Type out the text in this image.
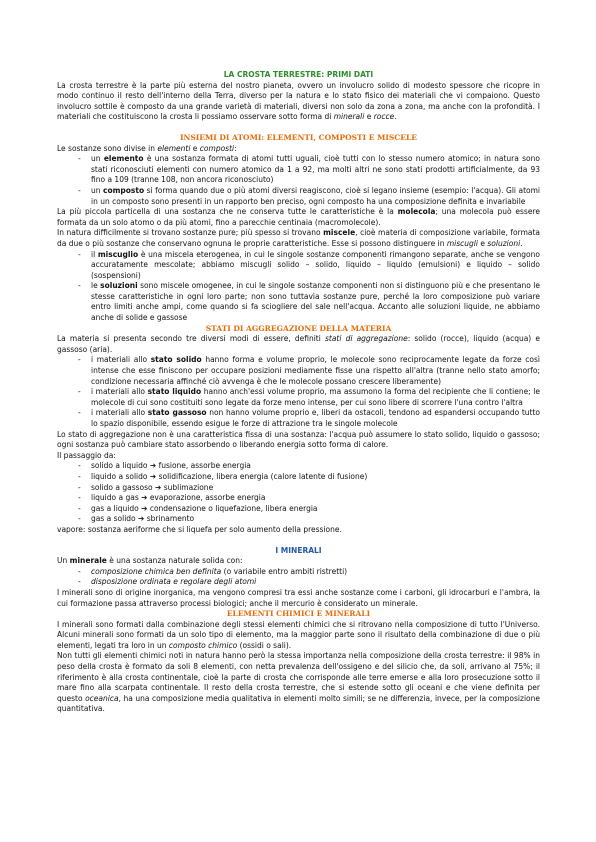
LA CROSTA TERRESTRE: PRIMI DATI

La crosta terrestre è la parte più esterna del nostro pianeta, ovvero un involucro solido di modesto spessore che ricopre in modo continuo il resto dell'interno della Terra, diverso per la natura e lo stato fisico dei materiali che vi compaiono. Questo involucro sottile è composto da una grande varietà di materiali, diversi non solo da zona a zona, ma anche con la profondità. I materiali che costituiscono la crosta li possiamo osservare sotto forma di minerali e rocce.

INSIEMI DI ATOMI: ELEMENTI, COMPOSTI E MISCELE

Le sostanze sono divise in elementi e composti:

- un elemento è una sostanza formata di atomi tutti uguali, cioè tutti con lo stesso numero atomico; in natura sono stati riconosciuti elementi con numero atomico da 1 a 92, ma molti altri ne sono stati prodotti artificialmente, da 93 fino a 109 (tranne 108, non ancora riconosciuto)
- un composto si forma quando due o più atomi diversi reagiscono, cioè si legano insieme (esempio: l'acqua). Gli atomi in un composto sono presenti in un rapporto ben preciso, ogni composto ha una composizione definita e invariabile

La più piccola particella di una sostanza che ne conserva tutte le caratteristiche è la molecola; una molecola può essere formata da un solo atomo o da più atomi, fino a parecchie centinaia (macromolecole).

In natura difficilmente si trovano sostanze pure; più spesso si trovano miscele, cioè materia di composizione variabile, formata da due o più sostanze che conservano ognuna le proprie caratteristiche. Esse si possono distinguere in miscugli e soluzioni.

- il miscuglio è una miscela eterogenea, in cui le singole sostanze componenti rimangono separate, anche se vengono accuratamente mescolate; abbiamo miscugli solido – solido, liquido – liquido (emulsioni) e liquido – solido (sospensioni)
- le soluzioni sono miscele omogenee, in cui le singole sostanze componenti non si distinguono più e che presentano le stesse caratteristiche in ogni loro parte; non sono tuttavia sostanze pure, perché la loro composizione può variare entro limiti anche ampi, come quando si fa sciogliere del sale nell'acqua. Accanto alle soluzioni liquide, ne abbiamo anche di solide e gassose
STATI DI AGGREGAZIONE DELLA MATERIA

La materia si presenta secondo tre diversi modi di essere, definiti stati di aggregazione: solido (rocce), liquido (acqua) e gassoso (aria).

- i materiali allo stato solido hanno forma e volume proprio, le molecole sono reciprocamente legate da forze così intense che esse finiscono per occupare posizioni mediamente fisse una rispetto all'altra (tranne nello stato amorfo; condizione necessaria affinché ciò avvenga è che le molecole possano crescere liberamente)
- i materiali allo stato liquido hanno anch'essi volume proprio, ma assumono la forma del recipiente che li contiene; le molecole di cui sono costituiti sono legate da forze meno intense, per cui sono libere di scorrere l'una contro l'altra
- i materiali allo stato gassoso non hanno volume proprio e, liberi da ostacoli, tendono ad espandersi occupando tutto lo spazio disponibile, essendo esigue le forze di attrazione tra le singole molecole

Lo stato di aggregazione non è una caratteristica fissa di una sostanza: l'acqua può assumere lo stato solido, liquido o gassoso; ogni sostanza può cambiare stato assorbendo o liberando energia sotto forma di calore.

Il passaggio da:

- solido a liquido ➔ fusione, assorbe energia
- liquido a solido ➔ solidificazione, libera energia (calore latente di fusione)
- solido a gassoso ➔ sublimazione
- liquido a gas ➔ evaporazione, assorbe energia
- gas a liquido ➔ condensazione o liquefazione, libera energia
- gas a solido ➔ sbrinamento

vapore: sostanza aeriforme che si liquefa per solo aumento della pressione.

I MINERALI

Un minerale è una sostanza naturale solida con:

- composizione chimica ben definita (o variabile entro ambiti ristretti)
- disposizione ordinata e regolare degli atomi

I minerali sono di origine inorganica, ma vengono compresi tra essi anche sostanze come i carboni, gli idrocarburi e l'ambra, la cui formazione passa attraverso processi biologici; anche il mercurio è considerato un minerale.

ELEMENTI CHIMICI E MINERALI

I minerali sono formati dalla combinazione degli stessi elementi chimici che si ritrovano nella composizione di tutto l'Universo. Alcuni minerali sono formati da un solo tipo di elemento, ma la maggior parte sono il risultato della combinazione di due o più elementi, legati tra loro in un composto chimico (ossidi o sali).

Non tutti gli elementi chimici noti in natura hanno però la stessa importanza nella composizione della crosta terrestre: il 98% in peso della crosta è formato da soli 8 elementi, con netta prevalenza dell'ossigeno e del silicio che, da soli, arrivano al 75%; il riferimento è alla crosta continentale, cioè la parte di crosta che corrisponde alle terre emerse e alla loro prosecuzione sotto il mare fino alla scarpata continentale. Il resto della crosta terrestre, che si estende sotto gli oceani e che viene definita per questo oceanica, ha una composizione media qualitativa in elementi molto simili; se ne differenzia, invece, per la composizione quantitativa.
